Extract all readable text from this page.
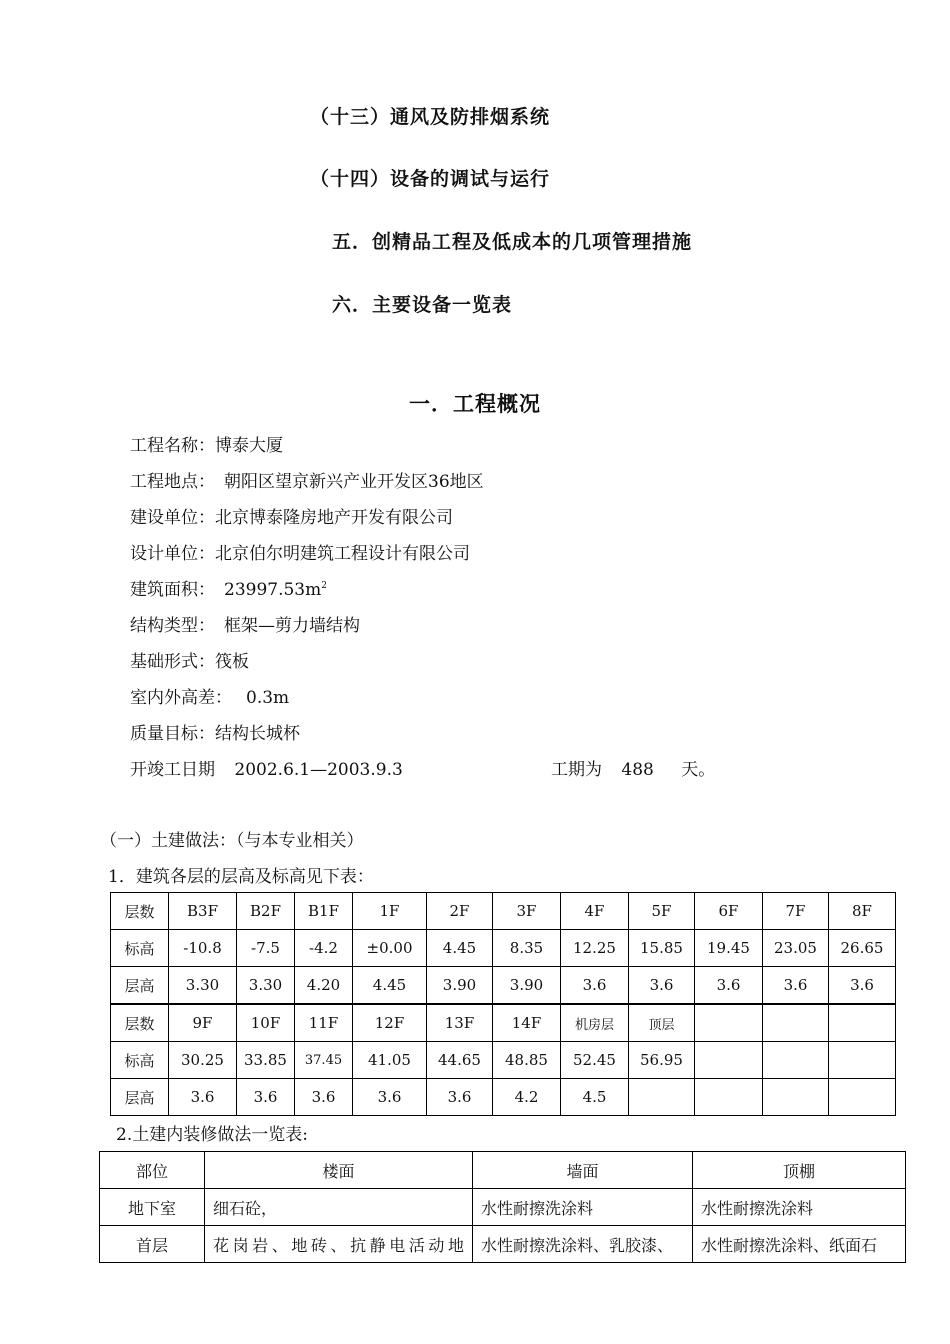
（十三）通风及防排烟系统
（十四）设备的调试与运行
五．创精品工程及低成本的几项管理措施
六．主要设备一览表
一．工程概况
工程名称：博泰大厦
工程地点： 朝阳区望京新兴产业开发区36地区
建设单位：北京博泰隆房地产开发有限公司
设计单位：北京伯尔明建筑工程设计有限公司
建筑面积： $23997.53m^2$
结构类型： 框架—剪力墙结构
基础形式：筏板
室内外高差： 0.3m
质量目标：结构长城杯
开竣工日期 2002.6.1—2003.9.3	工期为 488 天。
（一）土建做法：（与本专业相关）
1．建筑各层的层高及标高见下表：
层数	B3F	B2F	B1F	1F	2F	3F	4F	5F	6F	7F	8F
标高	-10.8	-7.5	-4.2	±0.00	4.45	8.35	12.25	15.85	19.45	23.05	26.65
层高	3.30	3.30	4.20	4.45	3.90	3.90	3.6	3.6	3.6	3.6	3.6
层数	9F	10F	11F	12F	13F	14F	机房层	顶层			
标高	30.25	33.85	37.45	41.05	44.65	48.85	52.45	56.95			
层高	3.6	3.6	3.6	3.6	3.6	4.2	4.5				
2.土建内装修做法一览表:
部位	楼面	墙面	顶棚
地下室	细石砼，	水性耐擦洗涂料	水性耐擦洗涂料
首层	花岗岩、地砖、抗静电活动地	水性耐擦洗涂料、乳胶漆、	水性耐擦洗涂料、纸面石
